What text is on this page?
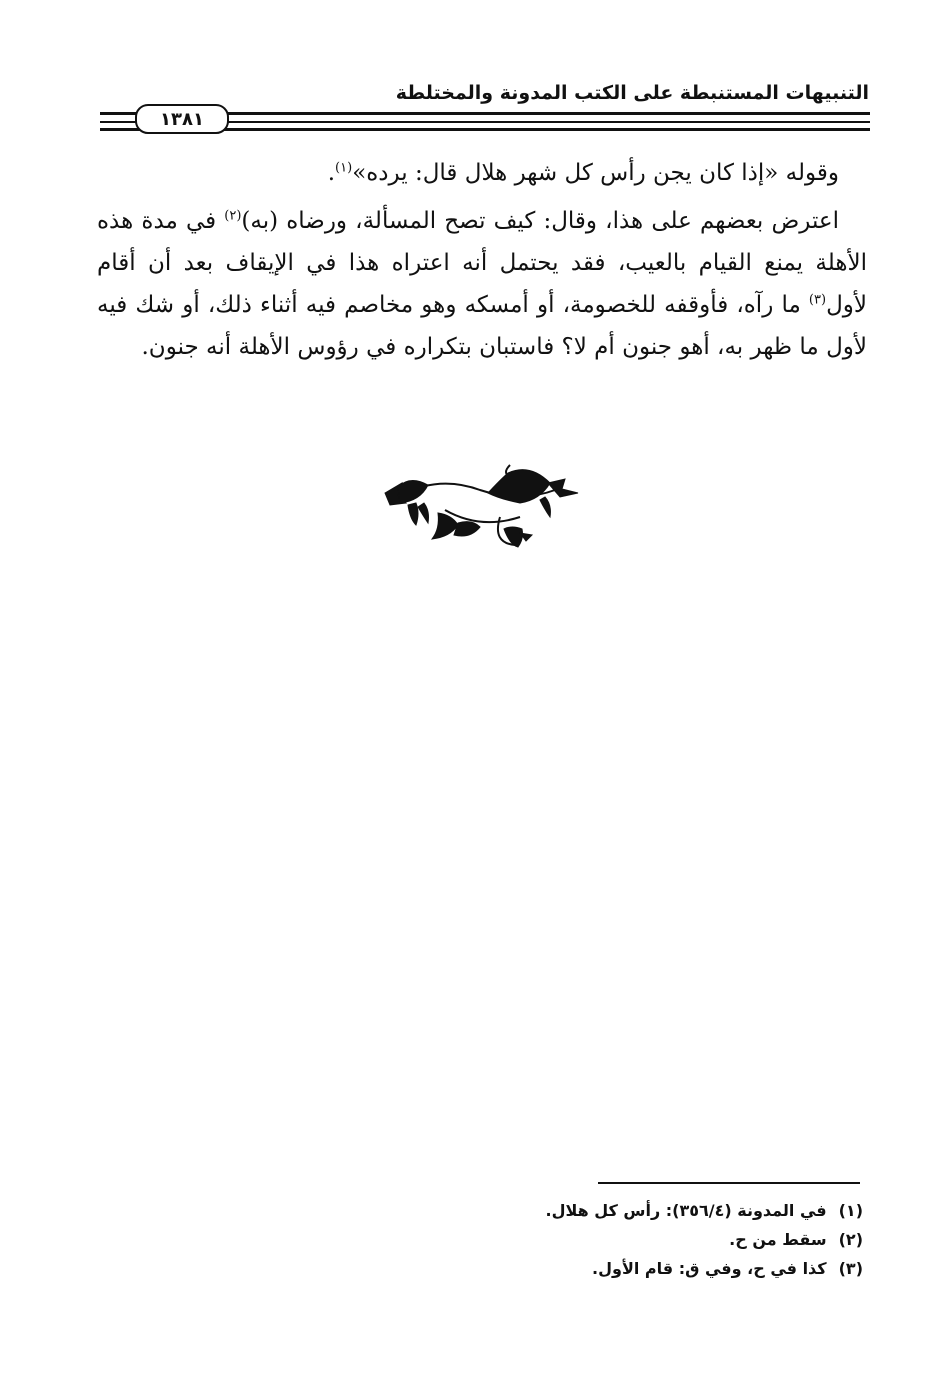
التنبيهات المستنبطة على الكتب المدونة والمختلطة
١٣٨١

وقوله «إذا كان يجن رأس كل شهر هلال قال: يرده»$^{(١)}$.

اعترض بعضهم على هذا، وقال: كيف تصح المسألة، ورضاه (به)$^{(٢)}$ في مدة هذه الأهلة يمنع القيام بالعيب، فقد يحتمل أنه اعتراه هذا في الإيقاف بعد أن أقام لأول$^{(٣)}$ ما رآه، فأوقفه للخصومة، أو أمسكه وهو مخاصم فيه أثناء ذلك، أو شك فيه لأول ما ظهر به، أهو جنون أم لا؟ فاستبان بتكراره في رؤوس الأهلة أنه جنون.

(١)في المدونة (٣٥٦/٤): رأس كل هلال.
(٢)سقط من ح.
(٣)كذا في ح، وفي ق: قام الأول.
